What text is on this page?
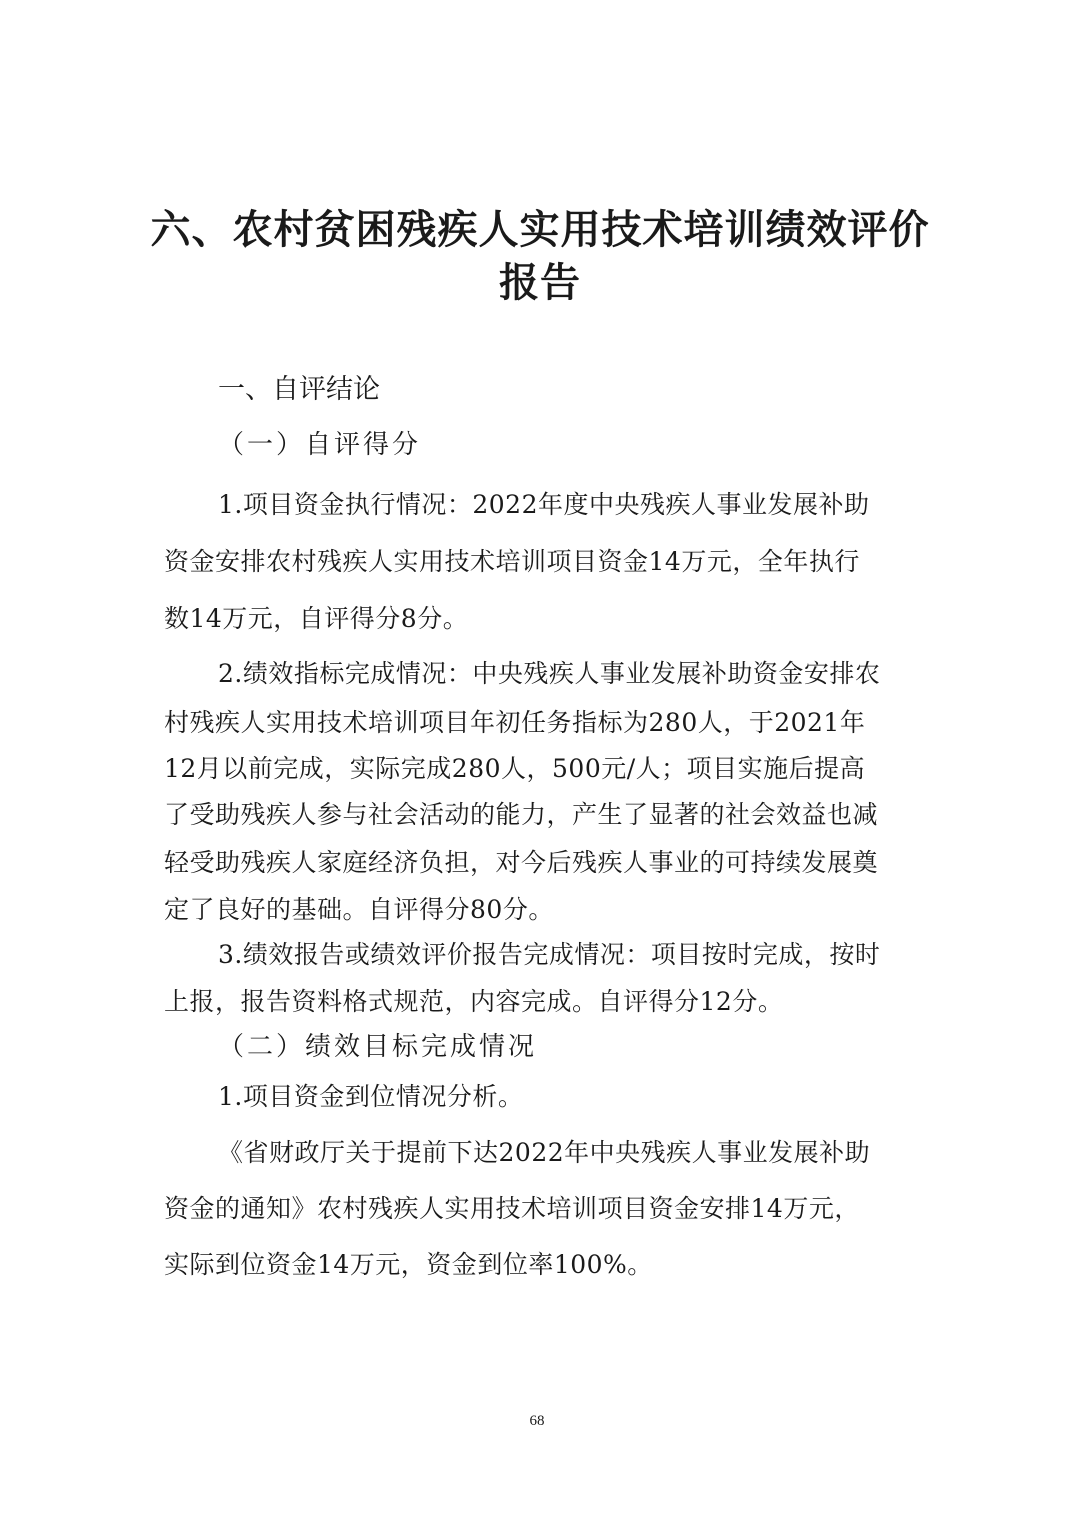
六、农村贫困残疾人实用技术培训绩效评价
报告
一、自评结论
（一）自评得分
1.项目资金执行情况：2022年度中央残疾人事业发展补助
资金安排农村残疾人实用技术培训项目资金14万元，全年执行
数14万元，自评得分8分。
2.绩效指标完成情况：中央残疾人事业发展补助资金安排农
村残疾人实用技术培训项目年初任务指标为280人，于2021年
12月以前完成，实际完成280人，500元/人；项目实施后提高
了受助残疾人参与社会活动的能力，产生了显著的社会效益也减
轻受助残疾人家庭经济负担，对今后残疾人事业的可持续发展奠
定了良好的基础。自评得分80分。
3.绩效报告或绩效评价报告完成情况：项目按时完成，按时
上报，报告资料格式规范，内容完成。自评得分12分。
（二）绩效目标完成情况
1.项目资金到位情况分析。
《省财政厅关于提前下达2022年中央残疾人事业发展补助
资金的通知》农村残疾人实用技术培训项目资金安排14万元，
实际到位资金14万元，资金到位率100%。
68
